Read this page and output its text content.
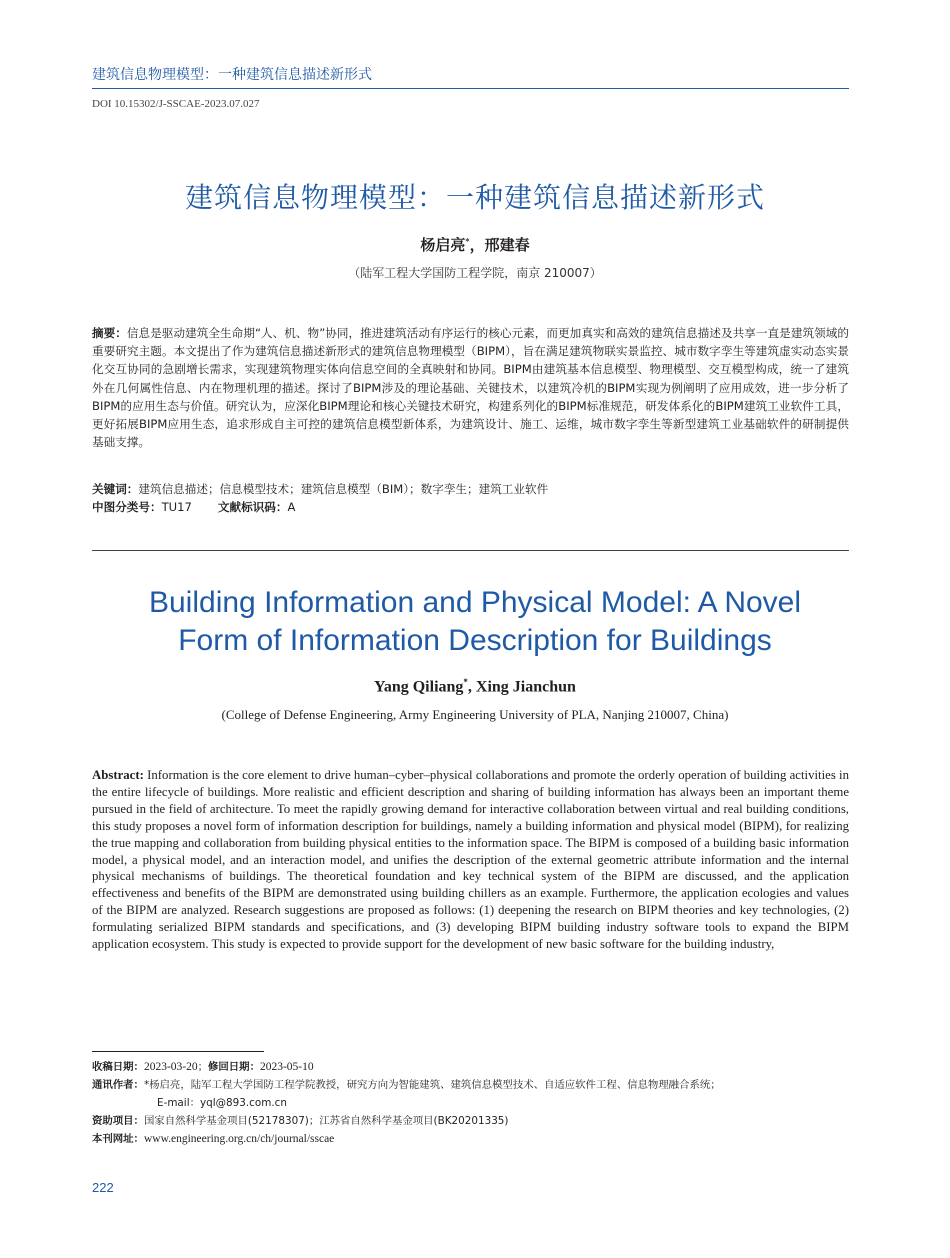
建筑信息物理模型：一种建筑信息描述新形式
DOI 10.15302/J-SSCAE-2023.07.027
建筑信息物理模型：一种建筑信息描述新形式
杨启亮*，邢建春
（陆军工程大学国防工程学院，南京 210007）
摘要：信息是驱动建筑全生命期“人、机、物”协同，推进建筑活动有序运行的核心元素，而更加真实和高效的建筑信息描述及共享一直是建筑领域的重要研究主题。本文提出了作为建筑信息描述新形式的建筑信息物理模型（BIPM），旨在满足建筑物联实景监控、城市数字孪生等建筑虚实动态实景化交互协同的急剧增长需求，实现建筑物理实体向信息空间的全真映射和协同。BIPM由建筑基本信息模型、物理模型、交互模型构成，统一了建筑外在几何属性信息、内在物理机理的描述。探讨了BIPM涉及的理论基础、关键技术，以建筑冷机的BIPM实现为例阐明了应用成效，进一步分析了BIPM的应用生态与价值。研究认为，应深化BIPM理论和核心关键技术研究，构建系列化的BIPM标准规范，研发体系化的BIPM建筑工业软件工具，更好拓展BIPM应用生态，追求形成自主可控的建筑信息模型新体系，为建筑设计、施工、运维，城市数字孪生等新型建筑工业基础软件的研制提供基础支撑。
关键词：建筑信息描述；信息模型技术；建筑信息模型（BIM）；数字孪生；建筑工业软件
中图分类号：TU17 文献标识码：A
Building Information and Physical Model: A Novel
Form of Information Description for Buildings
Yang Qiliang*, Xing Jianchun
(College of Defense Engineering, Army Engineering University of PLA, Nanjing 210007, China)
Abstract: Information is the core element to drive human–cyber–physical collaborations and promote the orderly operation of building activities in the entire lifecycle of buildings. More realistic and efficient description and sharing of building information has always been an important theme pursued in the field of architecture. To meet the rapidly growing demand for interactive collaboration between virtual and real building conditions, this study proposes a novel form of information description for buildings, namely a building information and physical model (BIPM), for realizing the true mapping and collaboration from building physical entities to the information space. The BIPM is composed of a building basic information model, a physical model, and an interaction model, and unifies the description of the external geometric attribute information and the internal physical mechanisms of buildings. The theoretical foundation and key technical system of the BIPM are discussed, and the application effectiveness and benefits of the BIPM are demonstrated using building chillers as an example. Furthermore, the application ecologies and values of the BIPM are analyzed. Research suggestions are proposed as follows: (1) deepening the research on BIPM theories and key technologies, (2) formulating serialized BIPM standards and specifications, and (3) developing BIPM building industry software tools to expand the BIPM application ecosystem. This study is expected to provide support for the development of new basic software for the building industry,
收稿日期：2023-03-20；修回日期：2023-05-10
通讯作者：*杨启亮，陆军工程大学国防工程学院教授，研究方向为智能建筑、建筑信息模型技术、自适应软件工程、信息物理融合系统；
E-mail：yql@893.com.cn
资助项目：国家自然科学基金项目(52178307)；江苏省自然科学基金项目(BK20201335)
本刊网址：www.engineering.org.cn/ch/journal/sscae
222
